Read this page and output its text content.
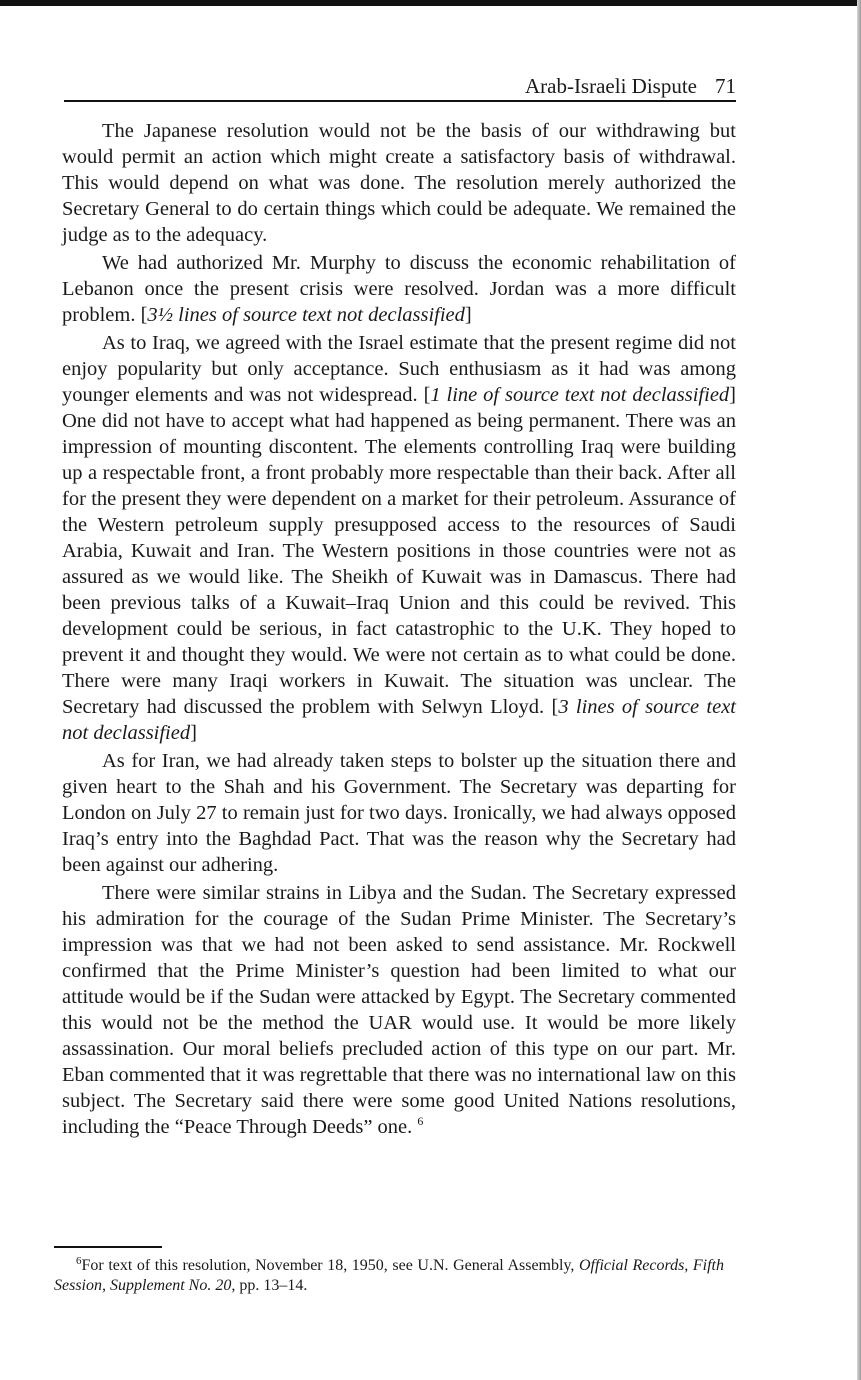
Arab-Israeli Dispute 71

The Japanese resolution would not be the basis of our withdrawing but would permit an action which might create a satisfactory basis of withdrawal. This would depend on what was done. The resolution merely authorized the Secretary General to do certain things which could be adequate. We remained the judge as to the adequacy.

We had authorized Mr. Murphy to discuss the economic rehabilitation of Lebanon once the present crisis were resolved. Jordan was a more difficult problem. [3½ lines of source text not declassified]

As to Iraq, we agreed with the Israel estimate that the present regime did not enjoy popularity but only acceptance. Such enthusiasm as it had was among younger elements and was not widespread. [1 line of source text not declassified] One did not have to accept what had happened as being permanent. There was an impression of mounting discontent. The elements controlling Iraq were building up a respectable front, a front probably more respectable than their back. After all for the present they were dependent on a market for their petroleum. Assurance of the Western petroleum supply presupposed access to the resources of Saudi Arabia, Kuwait and Iran. The Western positions in those countries were not as assured as we would like. The Sheikh of Kuwait was in Damascus. There had been previous talks of a Kuwait–Iraq Union and this could be revived. This development could be serious, in fact catastrophic to the U.K. They hoped to prevent it and thought they would. We were not certain as to what could be done. There were many Iraqi workers in Kuwait. The situation was unclear. The Secretary had discussed the problem with Selwyn Lloyd. [3 lines of source text not declassified]

As for Iran, we had already taken steps to bolster up the situation there and given heart to the Shah and his Government. The Secretary was departing for London on July 27 to remain just for two days. Ironically, we had always opposed Iraq’s entry into the Baghdad Pact. That was the reason why the Secretary had been against our adhering.

There were similar strains in Libya and the Sudan. The Secretary expressed his admiration for the courage of the Sudan Prime Minister. The Secretary’s impression was that we had not been asked to send assistance. Mr. Rockwell confirmed that the Prime Minister’s question had been limited to what our attitude would be if the Sudan were attacked by Egypt. The Secretary commented this would not be the method the UAR would use. It would be more likely assassination. Our moral beliefs precluded action of this type on our part. Mr. Eban commented that it was regrettable that there was no international law on this subject. The Secretary said there were some good United Nations resolutions, including the “Peace Through Deeds” one. $^6$

$^6$For text of this resolution, November 18, 1950, see U.N. General Assembly, Official Records, Fifth Session, Supplement No. 20, pp. 13–14.
